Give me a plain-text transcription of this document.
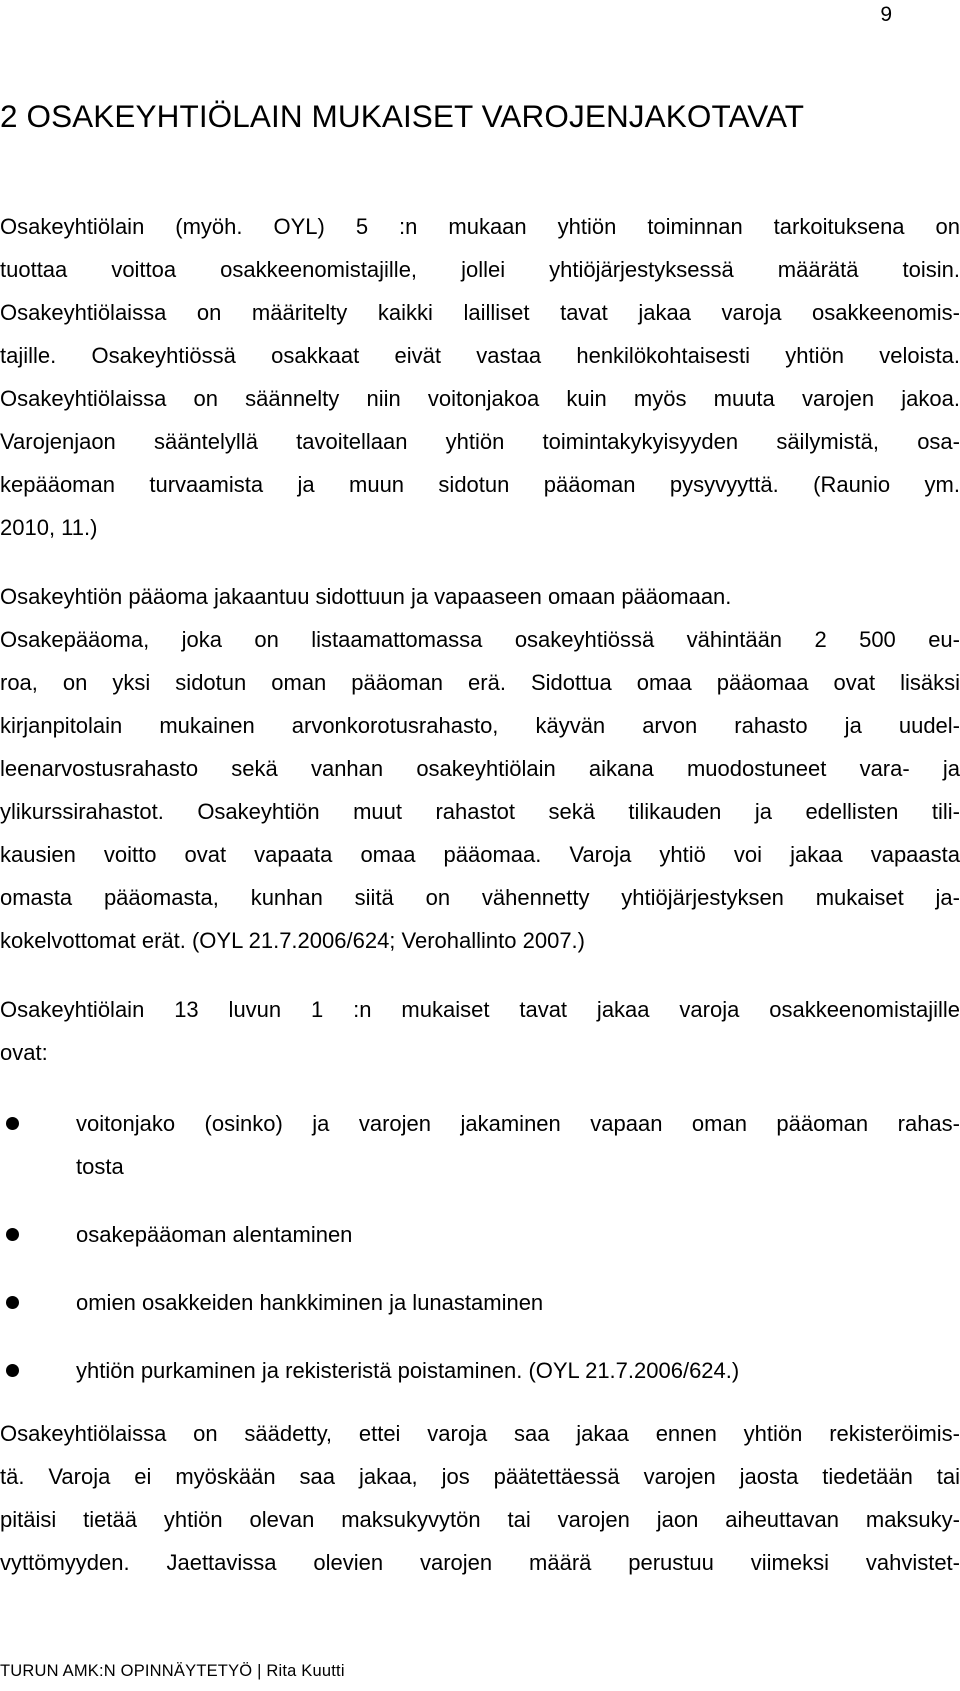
9
2 OSAKEYHTIÖLAIN MUKAISET VAROJENJAKOTAVAT
Osakeyhtiölain (myöh. OYL) 5 :n mukaan yhtiön toiminnan tarkoituksena on
tuottaa voittoa osakkeenomistajille, jollei yhtiöjärjestyksessä määrätä toisin.
Osakeyhtiölaissa on määritelty kaikki lailliset tavat jakaa varoja osakkeenomis-
tajille. Osakeyhtiössä osakkaat eivät vastaa henkilökohtaisesti yhtiön veloista.
Osakeyhtiölaissa on säännelty niin voitonjakoa kuin myös muuta varojen jakoa.
Varojenjaon sääntelyllä tavoitellaan yhtiön toimintakykyisyyden säilymistä, osa-
kepääoman turvaamista ja muun sidotun pääoman pysyvyyttä. (Raunio ym.
2010, 11.)
Osakeyhtiön pääoma jakaantuu sidottuun ja vapaaseen omaan pääomaan.
Osakepääoma, joka on listaamattomassa osakeyhtiössä vähintään 2 500 eu-
roa, on yksi sidotun oman pääoman erä. Sidottua omaa pääomaa ovat lisäksi
kirjanpitolain mukainen arvonkorotusrahasto, käyvän arvon rahasto ja uudel-
leenarvostusrahasto sekä vanhan osakeyhtiölain aikana muodostuneet vara- ja
ylikurssirahastot. Osakeyhtiön muut rahastot sekä tilikauden ja edellisten tili-
kausien voitto ovat vapaata omaa pääomaa. Varoja yhtiö voi jakaa vapaasta
omasta pääomasta, kunhan siitä on vähennetty yhtiöjärjestyksen mukaiset ja-
kokelvottomat erät. (OYL 21.7.2006/624; Verohallinto 2007.)
Osakeyhtiölain 13 luvun 1 :n mukaiset tavat jakaa varoja osakkeenomistajille
ovat:
voitonjako (osinko) ja varojen jakaminen vapaan oman pääoman rahas-
tosta
osakepääoman alentaminen
omien osakkeiden hankkiminen ja lunastaminen
yhtiön purkaminen ja rekisteristä poistaminen. (OYL 21.7.2006/624.)
Osakeyhtiölaissa on säädetty, ettei varoja saa jakaa ennen yhtiön rekisteröimis-
tä. Varoja ei myöskään saa jakaa, jos päätettäessä varojen jaosta tiedetään tai
pitäisi tietää yhtiön olevan maksukyvytön tai varojen jaon aiheuttavan maksuky-
vyttömyyden. Jaettavissa olevien varojen määrä perustuu viimeksi vahvistet-
TURUN AMK:N OPINNÄYTETYÖ | Rita Kuutti
